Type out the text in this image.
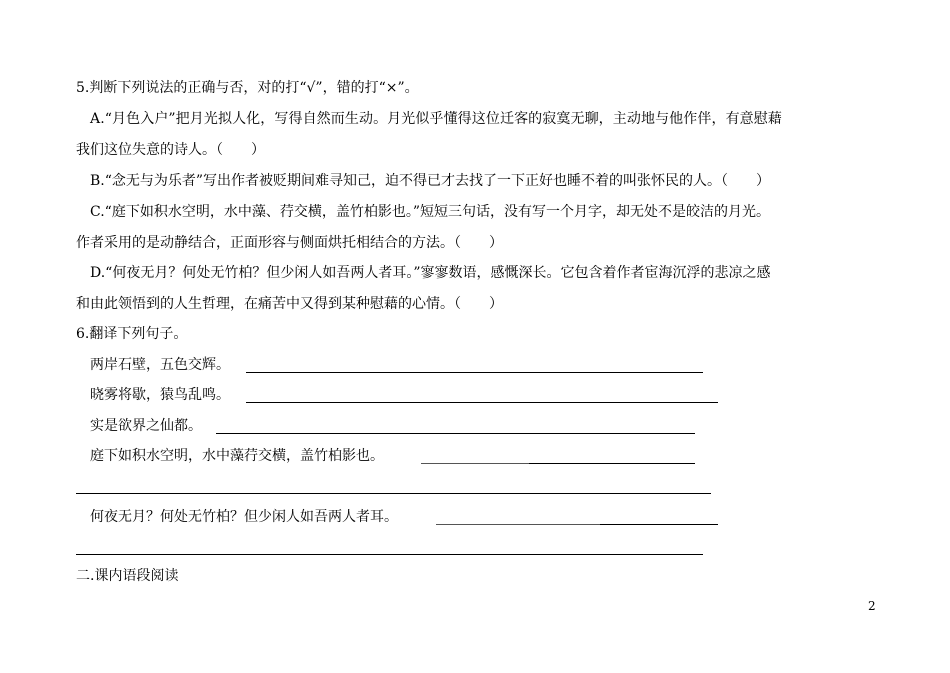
5.判断下列说法的正确与否，对的打“√”，错的打“×”。
A.“月色入户”把月光拟人化，写得自然而生动。月光似乎懂得这位迁客的寂寞无聊，主动地与他作伴，有意慰藉
我们这位失意的诗人。（　　）
B.“念无与为乐者”写出作者被贬期间难寻知己，迫不得已才去找了一下正好也睡不着的叫张怀民的人。（　　）
C.“庭下如积水空明，水中藻、荇交横，盖竹柏影也。”短短三句话，没有写一个月字，却无处不是皎洁的月光。
作者采用的是动静结合，正面形容与侧面烘托相结合的方法。（　　）
D.“何夜无月？何处无竹柏？但少闲人如吾两人者耳。”寥寥数语，感慨深长。它包含着作者宦海沉浮的悲凉之感
和由此领悟到的人生哲理，在痛苦中又得到某种慰藉的心情。（　　）
6.翻译下列句子。
两岸石壁，五色交辉。
晓雾将歇，猿鸟乱鸣。
实是欲界之仙都。
庭下如积水空明，水中藻荇交横，盖竹柏影也。
何夜无月？何处无竹柏？但少闲人如吾两人者耳。
二.课内语段阅读
2
